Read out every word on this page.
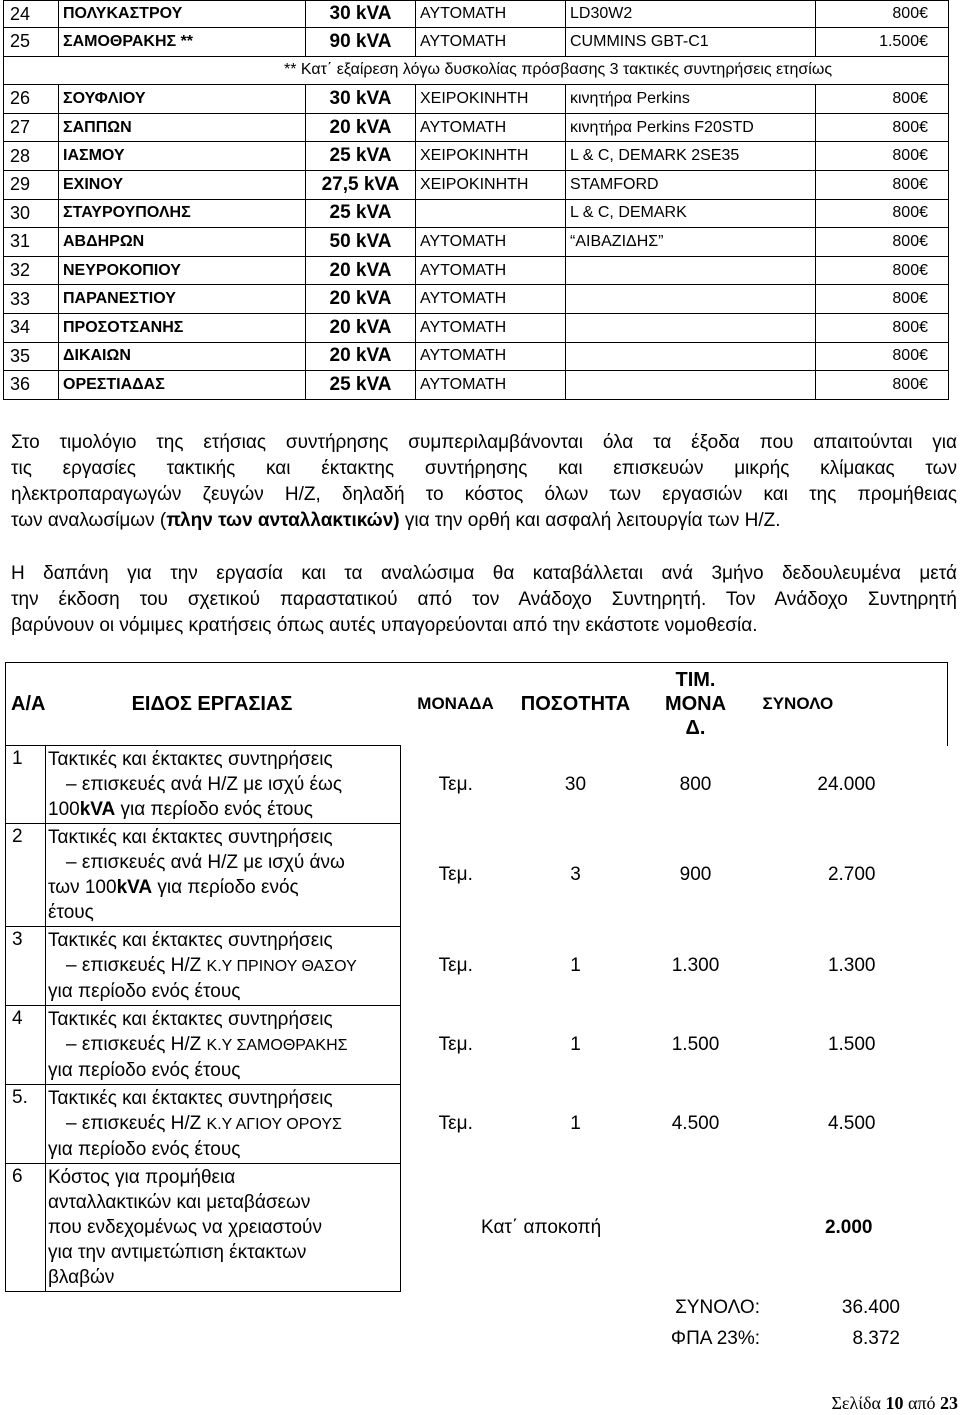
24	ΠΟΛΥΚΑΣΤΡΟΥ	30 kVA	ΑΥΤΟΜΑΤΗ	LD30W2	800€
25	ΣΑΜΟΘΡΑΚΗΣ **	90 kVA	ΑΥΤΟΜΑΤΗ	CUMMINS GBT-C1	1.500€
** Κατ΄ εξαίρεση λόγω δυσκολίας πρόσβασης 3 τακτικές συντηρήσεις ετησίως					
26	ΣΟΥΦΛΙΟΥ	30 kVA	ΧΕΙΡΟΚΙΝΗΤΗ	κινητήρα Perkins	800€
27	ΣΑΠΠΩΝ	20 kVA	ΑΥΤΟΜΑΤΗ	κινητήρα Perkins F20STD	800€
28	ΙΑΣΜΟΥ	25 kVA	ΧΕΙΡΟΚΙΝΗΤΗ	L & C, DEMARK 2SE35	800€
29	ΕΧΙΝΟΥ	27,5 kVA	ΧΕΙΡΟΚΙΝΗΤΗ	STAMFORD	800€
30	ΣΤΑΥΡΟΥΠΟΛΗΣ	25 kVA		L & C, DEMARK	800€
31	ΑΒΔΗΡΩΝ	50 kVA	ΑΥΤΟΜΑΤΗ	“ΑΙΒΑΖΙΔΗΣ”	800€
32	ΝΕΥΡΟΚΟΠΙΟΥ	20 kVA	ΑΥΤΟΜΑΤΗ		800€
33	ΠΑΡΑΝΕΣΤΙΟΥ	20 kVA	ΑΥΤΟΜΑΤΗ		800€
34	ΠΡΟΣΟΤΣΑΝΗΣ	20 kVA	ΑΥΤΟΜΑΤΗ		800€
35	ΔΙΚΑΙΩΝ	20 kVA	ΑΥΤΟΜΑΤΗ		800€
36	ΟΡΕΣΤΙΑΔΑΣ	25 kVA	ΑΥΤΟΜΑΤΗ		800€
Στο τιμολόγιο της ετήσιας συντήρησης συμπεριλαμβάνονται όλα τα έξοδα που απαιτούνται για
τις εργασίες τακτικής και έκτακτης συντήρησης και επισκευών μικρής κλίμακας των
ηλεκτροπαραγωγών ζευγών Η/Ζ, δηλαδή το κόστος όλων των εργασιών και της προμήθειας
των αναλωσίμων (πλην των ανταλλακτικών) για την ορθή και ασφαλή λειτουργία των Η/Ζ.
Η δαπάνη για την εργασία και τα αναλώσιμα θα καταβάλλεται ανά 3μήνο δεδουλευμένα μετά
την έκδοση του σχετικού παραστατικού από τον Ανάδοχο Συντηρητή. Τον Ανάδοχο Συντηρητή
βαρύνουν οι νόμιμες κρατήσεις όπως αυτές υπαγορεύονται από την εκάστοτε νομοθεσία.
Α/Α ΕΙΔΟΣ ΕΡΓΑΣΙΑΣ		ΜΟΝΑΔΑ	ΠΟΣΟΤΗΤΑ	ΤΙΜ.
ΜΟΝΑ
Δ.	ΣΥΝΟΛΟ
1	Τακτικές και έκτακτες συντηρήσεις
– επισκευές ανά Η/Ζ με ισχύ έως
100kVA για περίοδο ενός έτους	Τεμ.	30	800	24.000
2	Τακτικές και έκτακτες συντηρήσεις
– επισκευές ανά Η/Ζ με ισχύ άνω
των 100kVA για περίοδο ενός
έτους	Τεμ.	3	900	2.700
3	Τακτικές και έκτακτες συντηρήσεις
– επισκευές Η/Ζ Κ.Υ ΠΡΙΝΟΥ ΘΑΣΟΥ
για περίοδο ενός έτους	Τεμ.	1	1.300	1.300
4	Τακτικές και έκτακτες συντηρήσεις
– επισκευές Η/Ζ Κ.Υ ΣΑΜΟΘΡΑΚΗΣ
για περίοδο ενός έτους	Τεμ.	1	1.500	1.500
5.	Τακτικές και έκτακτες συντηρήσεις
– επισκευές Η/Ζ Κ.Υ ΑΓΙΟΥ ΟΡΟΥΣ
για περίοδο ενός έτους	Τεμ.	1	4.500	4.500
6	Κόστος για προμήθεια
ανταλλακτικών και μεταβάσεων
που ενδεχομένως να χρειαστούν
για την αντιμετώπιση έκτακτων
βλαβών	Κατ΄ αποκοπή			2.000
ΣΥΝΟΛΟ:	36.400
ΦΠΑ 23%:	8.372
Σελίδα 10 από 23
